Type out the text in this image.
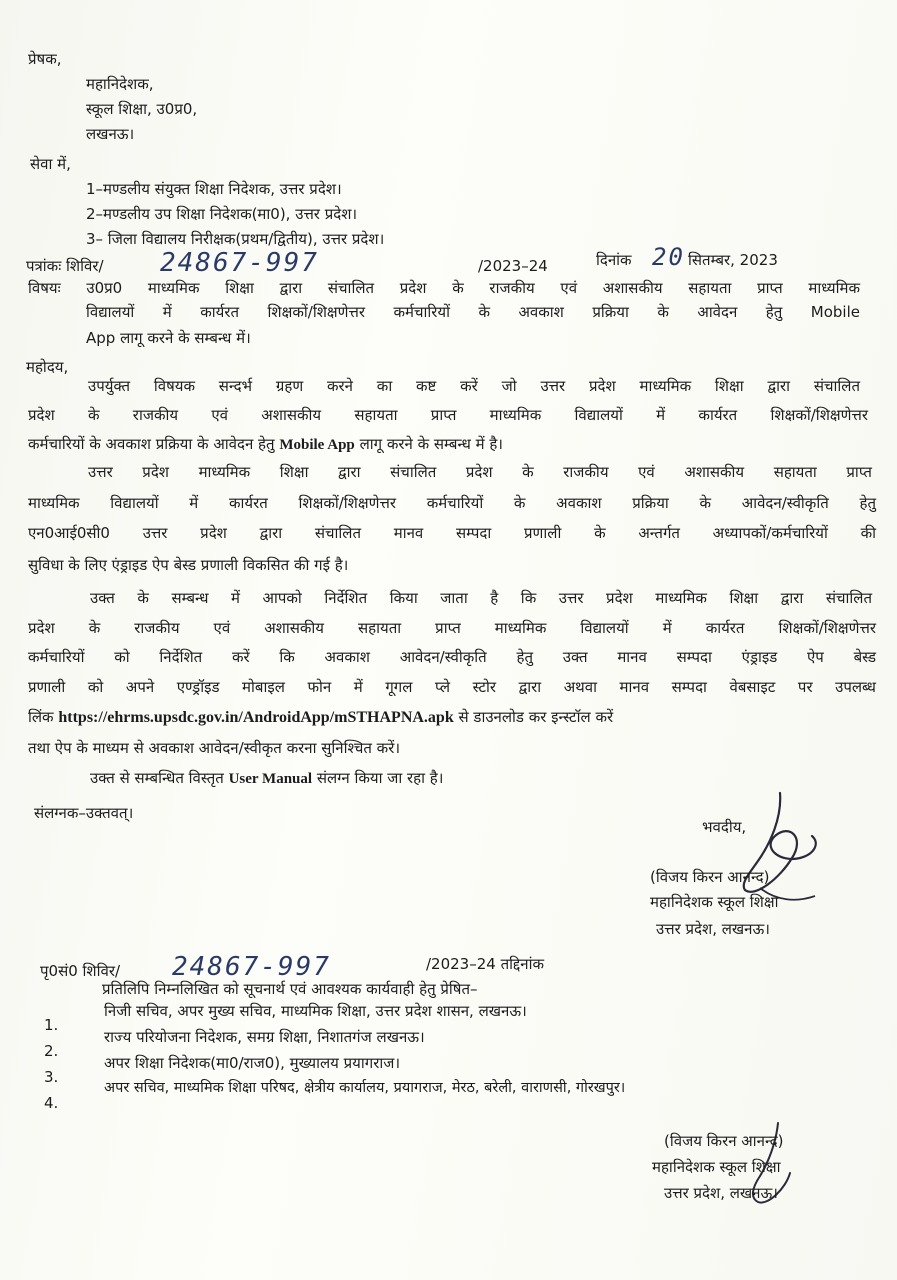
प्रेषक,
महानिदेशक,
स्कूल शिक्षा, उ0प्र0,
लखनऊ।
सेवा में,
1–मण्डलीय संयुक्त शिक्षा निदेशक, उत्तर प्रदेश।
2–मण्डलीय उप शिक्षा निदेशक(मा0), उत्तर प्रदेश।
3– जिला विद्यालय निरीक्षक(प्रथम/द्वितीय), उत्तर प्रदेश।
पत्रांकः शिविर/ 24867-997	/2023–24	दिनांक 20 सितम्बर, 2023
विषयः उ0प्र0 माध्यमिक शिक्षा द्वारा संचालित प्रदेश के राजकीय एवं अशासकीय सहायता प्राप्त माध्यमिक
विद्यालयों में कार्यरत शिक्षकों/शिक्षणेत्तर कर्मचारियों के अवकाश प्रक्रिया के आवेदन हेतु Mobile
App लागू करने के सम्बन्ध में।
महोदय,
उपर्युक्त विषयक सन्दर्भ ग्रहण करने का कष्ट करें जो उत्तर प्रदेश माध्यमिक शिक्षा द्वारा संचालित
प्रदेश के राजकीय एवं अशासकीय सहायता प्राप्त माध्यमिक विद्यालयों में कार्यरत शिक्षकों/शिक्षणेत्तर
कर्मचारियों के अवकाश प्रक्रिया के आवेदन हेतु Mobile App लागू करने के सम्बन्ध में है।
उत्तर प्रदेश माध्यमिक शिक्षा द्वारा संचालित प्रदेश के राजकीय एवं अशासकीय सहायता प्राप्त
माध्यमिक विद्यालयों में कार्यरत शिक्षकों/शिक्षणेत्तर कर्मचारियों के अवकाश प्रक्रिया के आवेदन/स्वीकृति हेतु
एन0आई0सी0 उत्तर प्रदेश द्वारा संचालित मानव सम्पदा प्रणाली के अन्तर्गत अध्यापकों/कर्मचारियों की
सुविधा के लिए एंड्राइड ऐप बेस्ड प्रणाली विकसित की गई है।
उक्त के सम्बन्ध में आपको निर्देशित किया जाता है कि उत्तर प्रदेश माध्यमिक शिक्षा द्वारा संचालित
प्रदेश के राजकीय एवं अशासकीय सहायता प्राप्त माध्यमिक विद्यालयों में कार्यरत शिक्षकों/शिक्षणेत्तर
कर्मचारियों को निर्देशित करें कि अवकाश आवेदन/स्वीकृति हेतु उक्त मानव सम्पदा एंड्राइड ऐप बेस्ड
प्रणाली को अपने एण्ड्रॉइड मोबाइल फोन में गूगल प्ले स्टोर द्वारा अथवा मानव सम्पदा वेबसाइट पर उपलब्ध
लिंक https://ehrms.upsdc.gov.in/AndroidApp/mSTHAPNA.apk से डाउनलोड कर इन्स्टॉल करें
तथा ऐप के माध्यम से अवकाश आवेदन/स्वीकृत करना सुनिश्चित करें।
उक्त से सम्बन्धित विस्तृत User Manual संलग्न किया जा रहा है।
संलग्नक–उक्तवत्।
भवदीय,
(विजय किरन आनन्द)
महानिदेशक स्कूल शिक्षा
उत्तर प्रदेश, लखनऊ।
पृ0सं0 शिविर/ 24867-997	/2023–24 तद्दिनांक
प्रतिलिपि निम्नलिखित को सूचनार्थ एवं आवश्यक कार्यवाही हेतु प्रेषित–
1.
निजी सचिव, अपर मुख्य सचिव, माध्यमिक शिक्षा, उत्तर प्रदेश शासन, लखनऊ।
2.
राज्य परियोजना निदेशक, समग्र शिक्षा, निशातगंज लखनऊ।
3.
अपर शिक्षा निदेशक(मा0/राज0), मुख्यालय प्रयागराज।
4.
अपर सचिव, माध्यमिक शिक्षा परिषद, क्षेत्रीय कार्यालय, प्रयागराज, मेरठ, बरेली, वाराणसी, गोरखपुर।
(विजय किरन आनन्द)
महानिदेशक स्कूल शिक्षा
उत्तर प्रदेश, लखनऊ।
